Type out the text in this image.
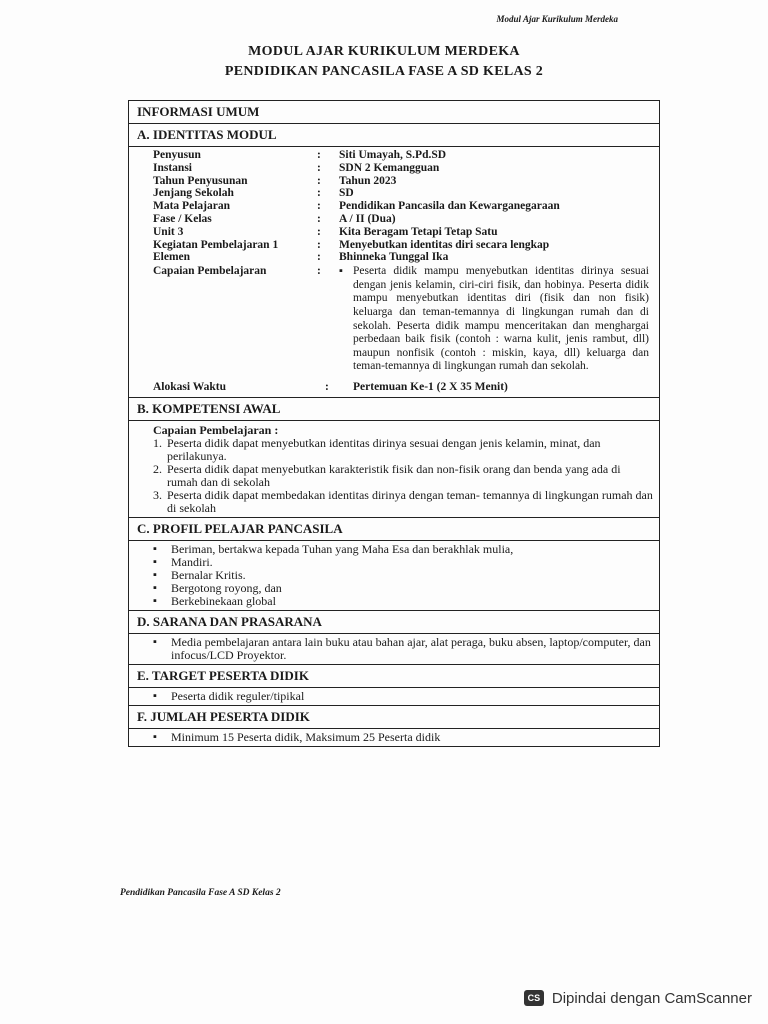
Modul Ajar Kurikulum Merdeka
MODUL AJAR KURIKULUM MERDEKA
PENDIDIKAN PANCASILA FASE A SD KELAS 2
INFORMASI UMUM
A. IDENTITAS MODUL
Penyusun	:	Siti Umayah, S.Pd.SD
Instansi	:	SDN 2 Kemangguan
Tahun Penyusunan	:	Tahun 2023
Jenjang Sekolah	:	SD
Mata Pelajaran	:	Pendidikan Pancasila dan Kewarganegaraan
Fase / Kelas	:	A / II (Dua)
Unit 3	:	Kita Beragam Tetapi Tetap Satu
Kegiatan Pembelajaran 1	:	Menyebutkan identitas diri secara lengkap
Elemen	:	Bhinneka Tunggal Ika
Capaian Pembelajaran	:	▪ Peserta didik mampu menyebutkan identitas dirinya sesuai dengan jenis kelamin, ciri-ciri fisik, dan hobinya. Peserta didik mampu menyebutkan identitas diri (fisik dan non fisik) keluarga dan teman-temannya di lingkungan rumah dan di sekolah. Peserta didik mampu menceritakan dan menghargai perbedaan baik fisik (contoh : warna kulit, jenis rambut, dll) maupun nonfisik (contoh : miskin, kaya, dll) keluarga dan teman-temannya di lingkungan rumah dan sekolah.
Alokasi Waktu	:	Pertemuan Ke-1 (2 X 35 Menit)
B. KOMPETENSI AWAL
Capaian Pembelajaran :
1. Peserta didik dapat menyebutkan identitas dirinya sesuai dengan jenis kelamin, minat, dan perilakunya.
2. Peserta didik dapat menyebutkan karakteristik fisik dan non-fisik orang dan benda yang ada di rumah dan di sekolah
3. Peserta didik dapat membedakan identitas dirinya dengan teman- temannya di lingkungan rumah dan di sekolah
C. PROFIL PELAJAR PANCASILA
▪ Beriman, bertakwa kepada Tuhan yang Maha Esa dan berakhlak mulia,
▪ Mandiri.
▪ Bernalar Kritis.
▪ Bergotong royong, dan
▪ Berkebinekaan global
D. SARANA DAN PRASARANA
▪ Media pembelajaran antara lain buku atau bahan ajar, alat peraga, buku absen, laptop/computer, dan infocus/LCD Proyektor.
E. TARGET PESERTA DIDIK
▪ Peserta didik reguler/tipikal
F. JUMLAH PESERTA DIDIK
▪ Minimum 15 Peserta didik, Maksimum 25 Peserta didik
Pendidikan Pancasila Fase A SD Kelas 2
CS Dipindai dengan CamScanner
